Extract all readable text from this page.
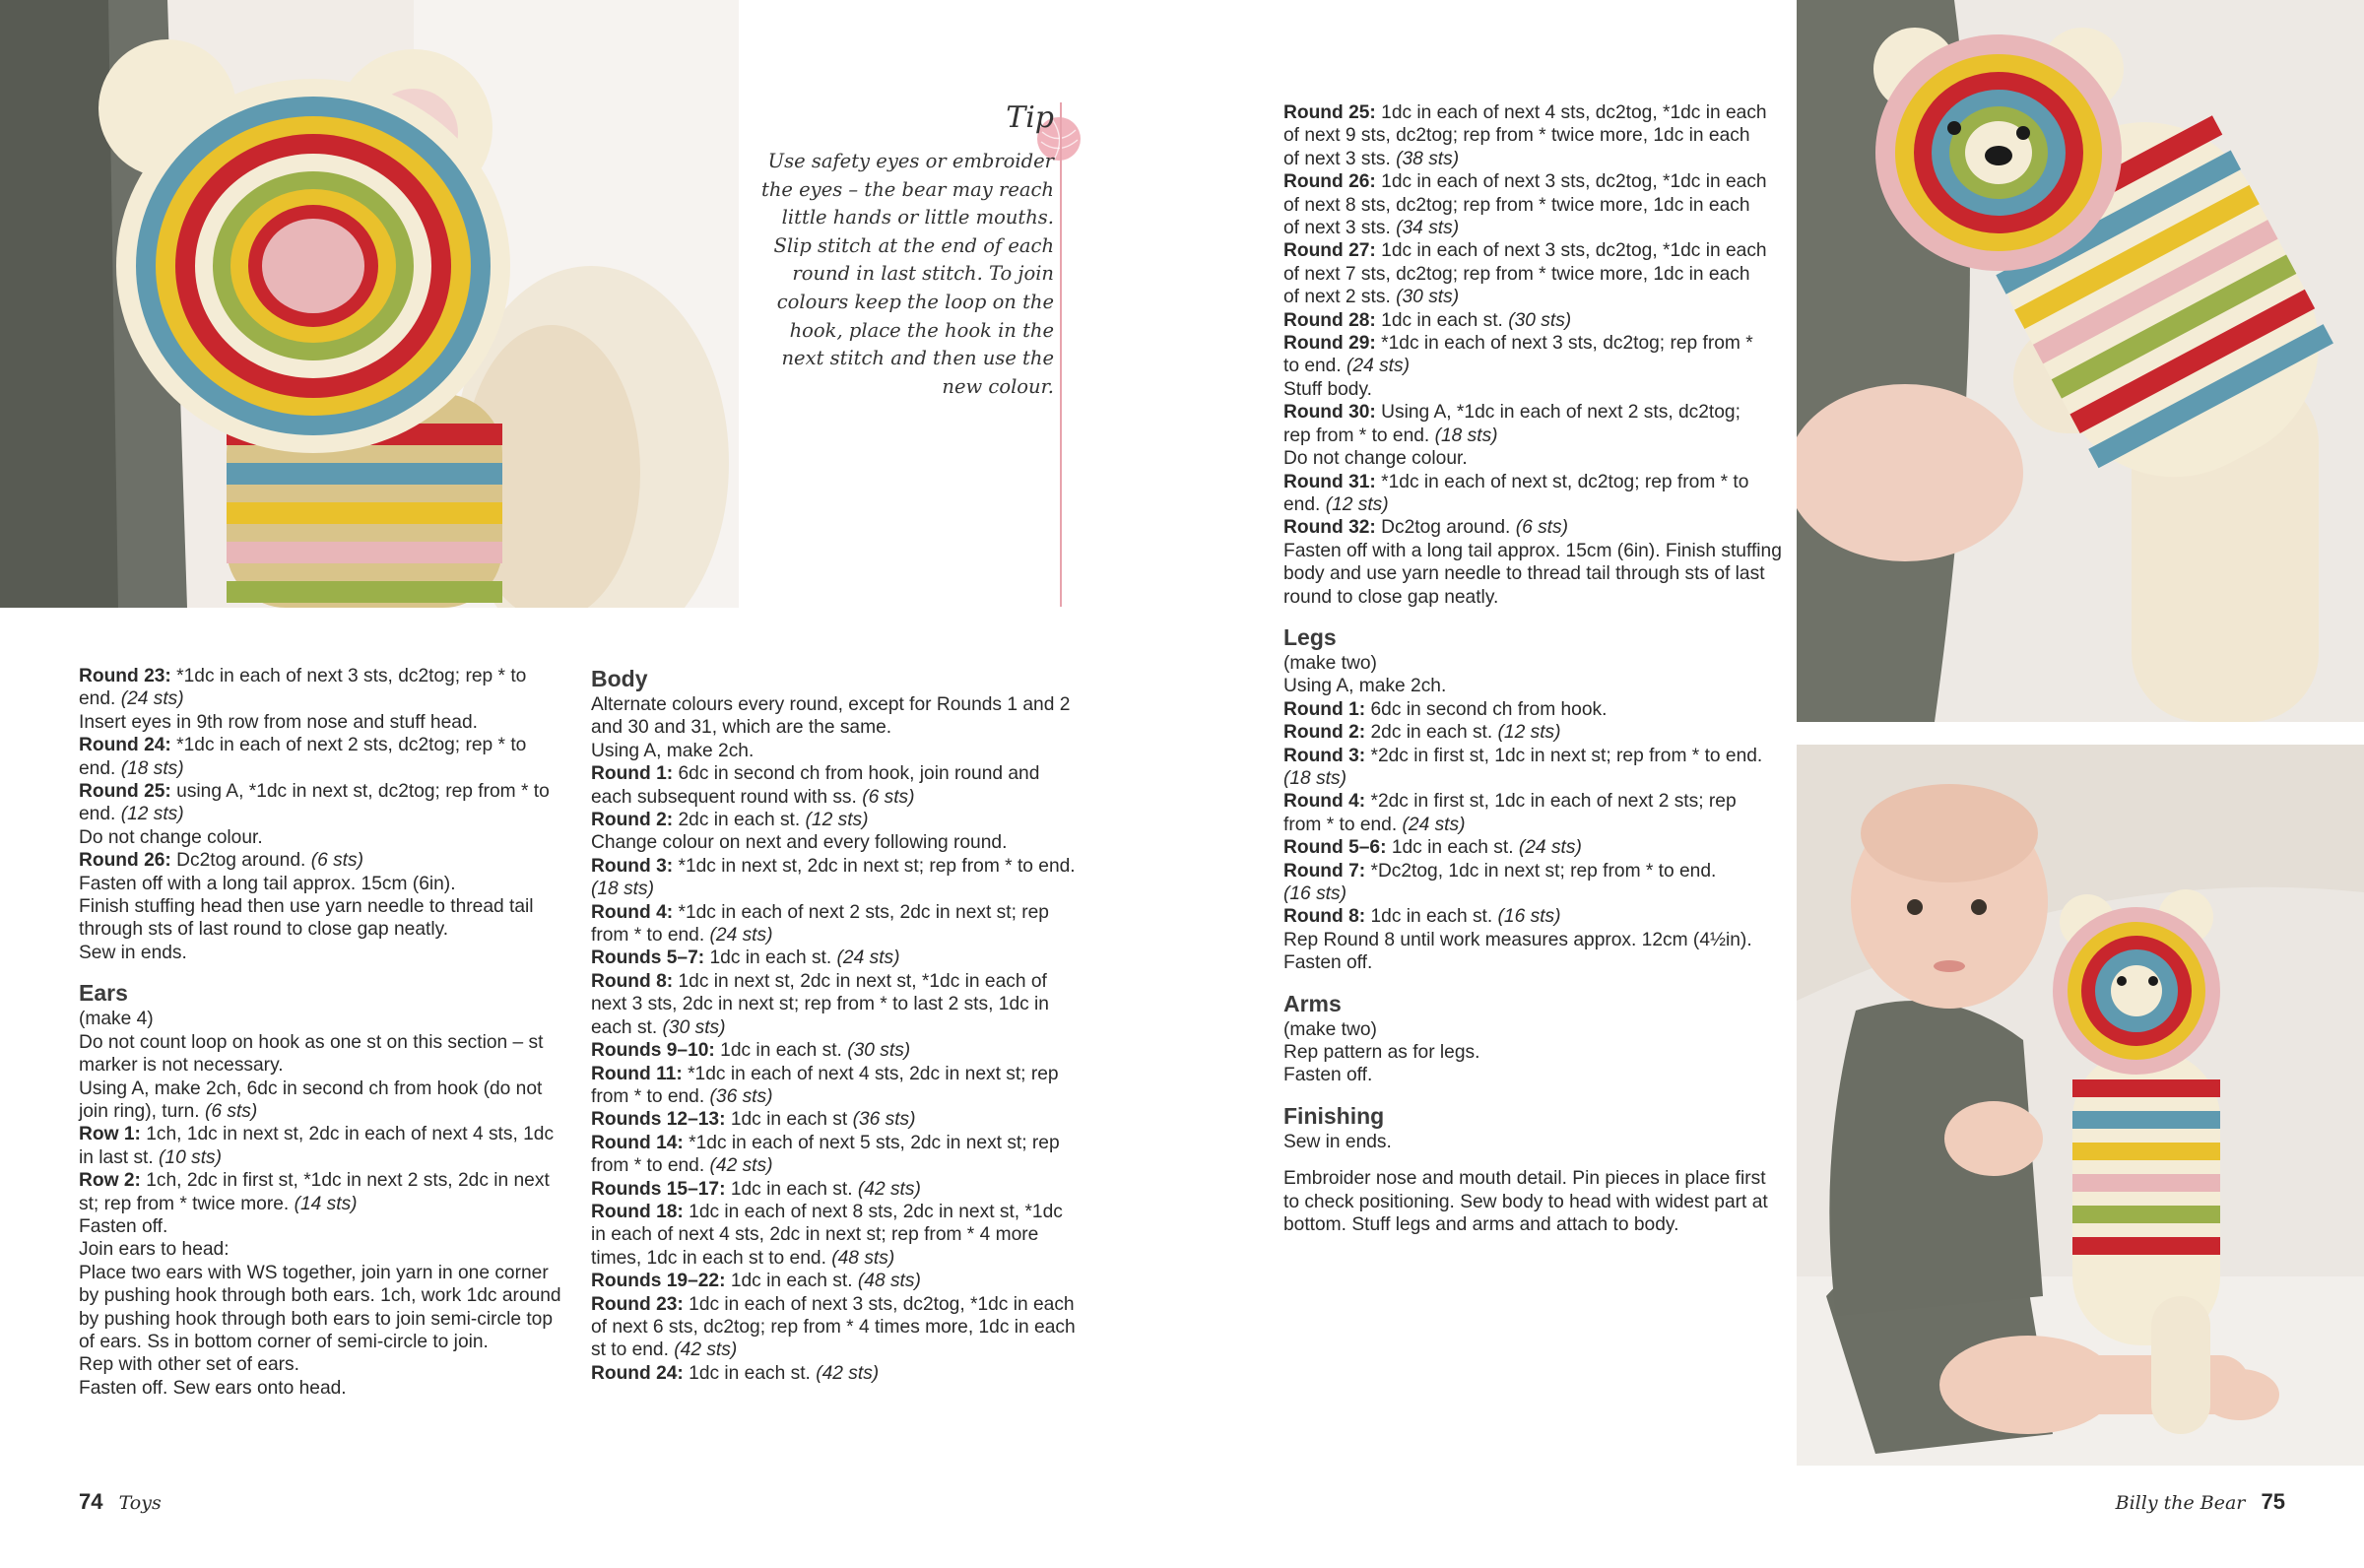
Tip
Use safety eyes or embroider
the eyes – the bear may reach
little hands or little mouths.
Slip stitch at the end of each
round in last stitch. To join
colours keep the loop on the
hook, place the hook in the
next stitch and then use the
new colour.

Round 23: *1dc in each of next 3 sts, dc2tog; rep * to

end. (24 sts)

Insert eyes in 9th row from nose and stuff head.

Round 24: *1dc in each of next 2 sts, dc2tog; rep * to

end. (18 sts)

Round 25: using A, *1dc in next st, dc2tog; rep from * to

end. (12 sts)

Do not change colour.

Round 26: Dc2tog around. (6 sts)

Fasten off with a long tail approx. 15cm (6in).

Finish stuffing head then use yarn needle to thread tail

through sts of last round to close gap neatly.

Sew in ends.

Ears

(make 4)

Do not count loop on hook as one st on this section – st

marker is not necessary.

Using A, make 2ch, 6dc in second ch from hook (do not

join ring), turn. (6 sts)

Row 1: 1ch, 1dc in next st, 2dc in each of next 4 sts, 1dc

in last st. (10 sts)

Row 2: 1ch, 2dc in first st, *1dc in next 2 sts, 2dc in next

st; rep from * twice more. (14 sts)

Fasten off.

Join ears to head:

Place two ears with WS together, join yarn in one corner

by pushing hook through both ears. 1ch, work 1dc around

by pushing hook through both ears to join semi-circle top

of ears. Ss in bottom corner of semi-circle to join.

Rep with other set of ears.

Fasten off. Sew ears onto head.

Body

Alternate colours every round, except for Rounds 1 and 2

and 30 and 31, which are the same.

Using A, make 2ch.

Round 1: 6dc in second ch from hook, join round and

each subsequent round with ss. (6 sts)

Round 2: 2dc in each st. (12 sts)

Change colour on next and every following round.

Round 3: *1dc in next st, 2dc in next st; rep from * to end.

(18 sts)

Round 4: *1dc in each of next 2 sts, 2dc in next st; rep

from * to end. (24 sts)

Rounds 5–7: 1dc in each st. (24 sts)

Round 8: 1dc in next st, 2dc in next st, *1dc in each of

next 3 sts, 2dc in next st; rep from * to last 2 sts, 1dc in

each st. (30 sts)

Rounds 9–10: 1dc in each st. (30 sts)

Round 11: *1dc in each of next 4 sts, 2dc in next st; rep

from * to end. (36 sts)

Rounds 12–13: 1dc in each st (36 sts)

Round 14: *1dc in each of next 5 sts, 2dc in next st; rep

from * to end. (42 sts)

Rounds 15–17: 1dc in each st. (42 sts)

Round 18: 1dc in each of next 8 sts, 2dc in next st, *1dc

in each of next 4 sts, 2dc in next st; rep from * 4 more

times, 1dc in each st to end. (48 sts)

Rounds 19–22: 1dc in each st. (48 sts)

Round 23: 1dc in each of next 3 sts, dc2tog, *1dc in each

of next 6 sts, dc2tog; rep from * 4 times more, 1dc in each

st to end. (42 sts)

Round 24: 1dc in each st. (42 sts)

Round 25: 1dc in each of next 4 sts, dc2tog, *1dc in each

of next 9 sts, dc2tog; rep from * twice more, 1dc in each

of next 3 sts. (38 sts)

Round 26: 1dc in each of next 3 sts, dc2tog, *1dc in each

of next 8 sts, dc2tog; rep from * twice more, 1dc in each

of next 3 sts. (34 sts)

Round 27: 1dc in each of next 3 sts, dc2tog, *1dc in each

of next 7 sts, dc2tog; rep from * twice more, 1dc in each

of next 2 sts. (30 sts)

Round 28: 1dc in each st. (30 sts)

Round 29: *1dc in each of next 3 sts, dc2tog; rep from *

to end. (24 sts)

Stuff body.

Round 30: Using A, *1dc in each of next 2 sts, dc2tog;

rep from * to end. (18 sts)

Do not change colour.

Round 31: *1dc in each of next st, dc2tog; rep from * to

end. (12 sts)

Round 32: Dc2tog around. (6 sts)

Fasten off with a long tail approx. 15cm (6in). Finish stuffing

body and use yarn needle to thread tail through sts of last

round to close gap neatly.

Legs

(make two)

Using A, make 2ch.

Round 1: 6dc in second ch from hook.

Round 2: 2dc in each st. (12 sts)

Round 3: *2dc in first st, 1dc in next st; rep from * to end.

(18 sts)

Round 4: *2dc in first st, 1dc in each of next 2 sts; rep

from * to end. (24 sts)

Round 5–6: 1dc in each st. (24 sts)

Round 7: *Dc2tog, 1dc in next st; rep from * to end.

(16 sts)

Round 8: 1dc in each st. (16 sts)

Rep Round 8 until work measures approx. 12cm (4½in).

Fasten off.

Arms

(make two)

Rep pattern as for legs.

Fasten off.

Finishing

Sew in ends.

Embroider nose and mouth detail. Pin pieces in place first

to check positioning. Sew body to head with widest part at

bottom. Stuff legs and arms and attach to body.

74 Toys	Billy the Bear 75
